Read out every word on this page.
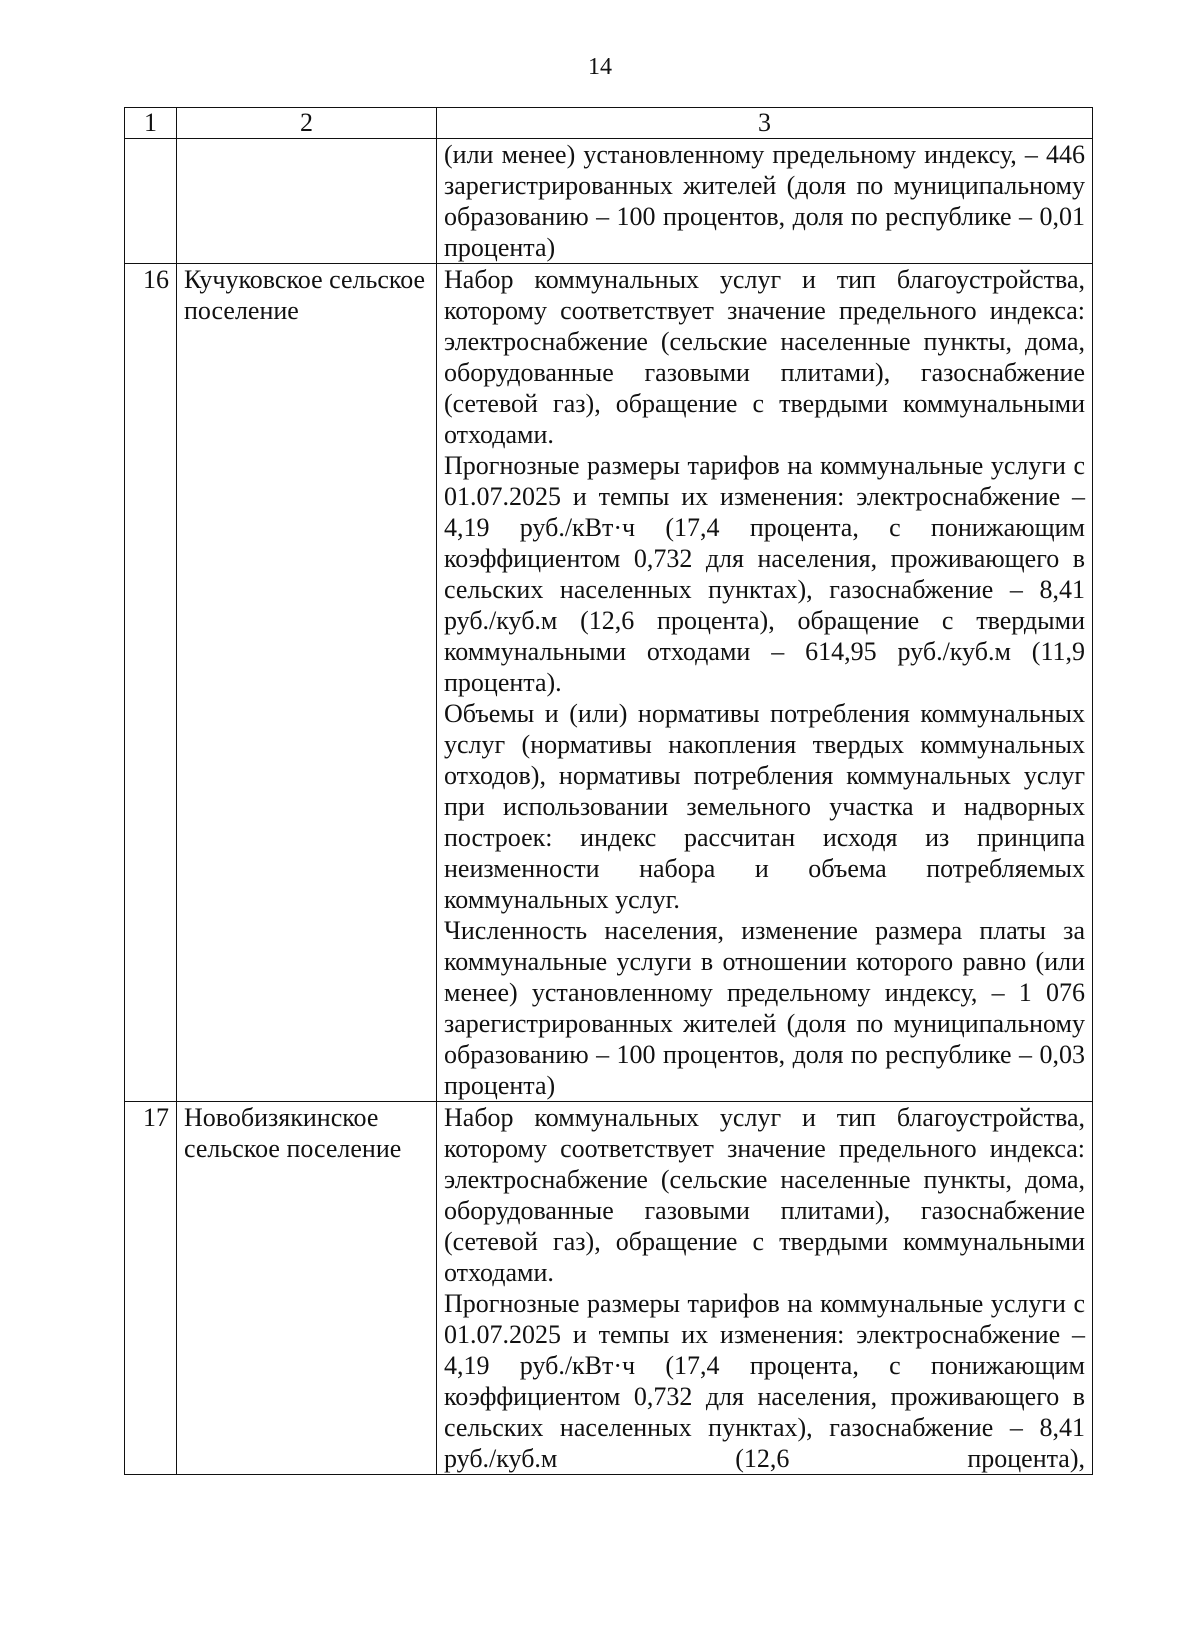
14
1	2	3

		(или менее) установленному предельному индексу, – 446 зарегистрированных жителей (доля по муниципальному образованию – 100 процентов, доля по республике – 0,01 процента)

16	Кучуковское сельское поселение	Набор коммунальных услуг и тип благоустройства, которому соответствует значение предельного индекса: электроснабжение (сельские населенные пункты, дома, оборудованные газовыми плитами), газоснабжение (сетевой газ), обращение с твердыми коммунальными отходами.

Прогнозные размеры тарифов на коммунальные услуги с 01.07.2025 и темпы их изменения: электроснабжение – 4,19 руб./кВт·ч (17,4 процента, с понижающим коэффициентом 0,732 для населения, проживающего в сельских населенных пунктах), газоснабжение – 8,41 руб./куб.м (12,6 процента), обращение с твердыми коммунальными отходами – 614,95 руб./куб.м (11,9 процента).

Объемы и (или) нормативы потребления коммунальных услуг (нормативы накопления твердых коммунальных отходов), нормативы потребления коммунальных услуг при использовании земельного участка и надворных построек: индекс рассчитан исходя из принципа неизменности набора и объема потребляемых коммунальных услуг.

Численность населения, изменение размера платы за коммунальные услуги в отношении которого равно (или менее) установленному предельному индексу, – 1 076 зарегистрированных жителей (доля по муниципальному образованию – 100 процентов, доля по республике – 0,03 процента)

17	Новобизякинское сельское поселение	Набор коммунальных услуг и тип благоустройства, которому соответствует значение предельного индекса: электроснабжение (сельские населенные пункты, дома, оборудованные газовыми плитами), газоснабжение (сетевой газ), обращение с твердыми коммунальными отходами.

Прогнозные размеры тарифов на коммунальные услуги с 01.07.2025 и темпы их изменения: электроснабжение – 4,19 руб./кВт·ч (17,4 процента, с понижающим коэффициентом 0,732 для населения, проживающего в сельских населенных пунктах), газоснабжение – 8,41 руб./куб.м (12,6 процента),
